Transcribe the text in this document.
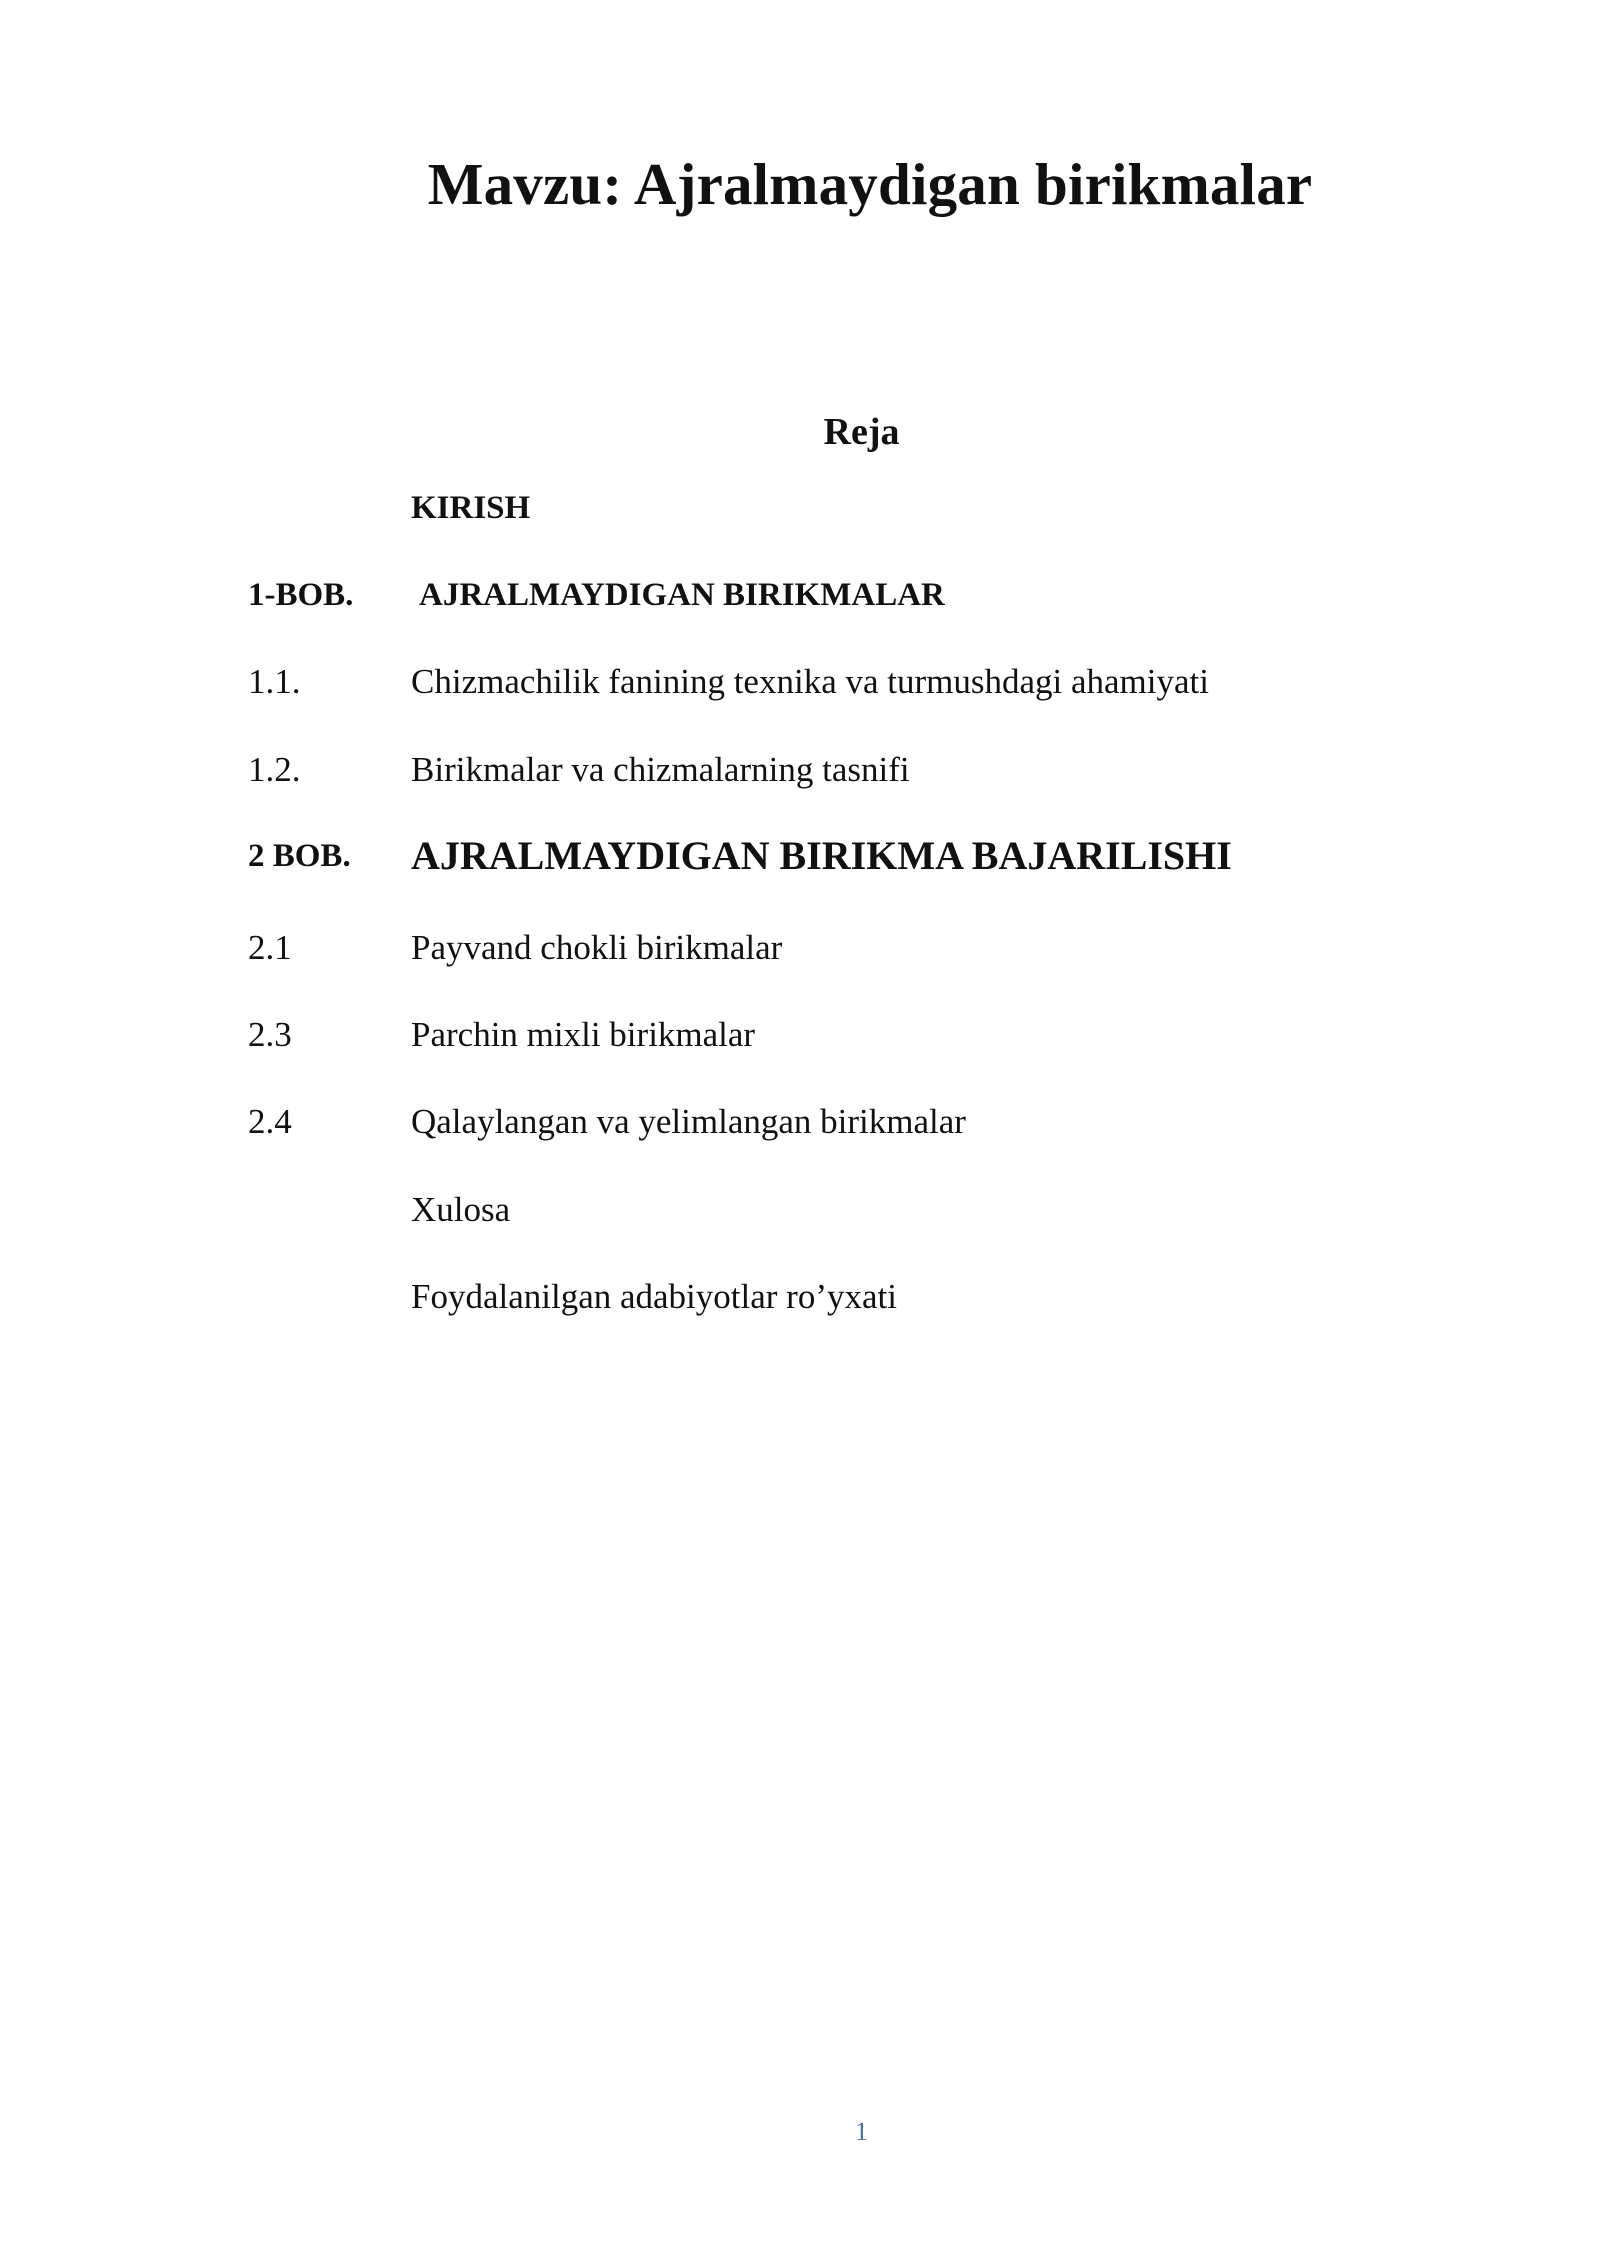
Mavzu: Ajralmaydigan birikmalar
Reja
KIRISH
1-BOB. AJRALMAYDIGAN BIRIKMALAR
1.1.	Chizmachilik fanining texnika va turmushdagi ahamiyati
1.2.	Birikmalar va chizmalarning tasnifi
2 BOB. AJRALMAYDIGAN BIRIKMA BAJARILISHI
2.1	Payvand chokli birikmalar
2.3	Parchin mixli birikmalar
2.4	Qalaylangan va yelimlangan birikmalar
Xulosa
Foydalanilgan adabiyotlar ro’yxati
1
